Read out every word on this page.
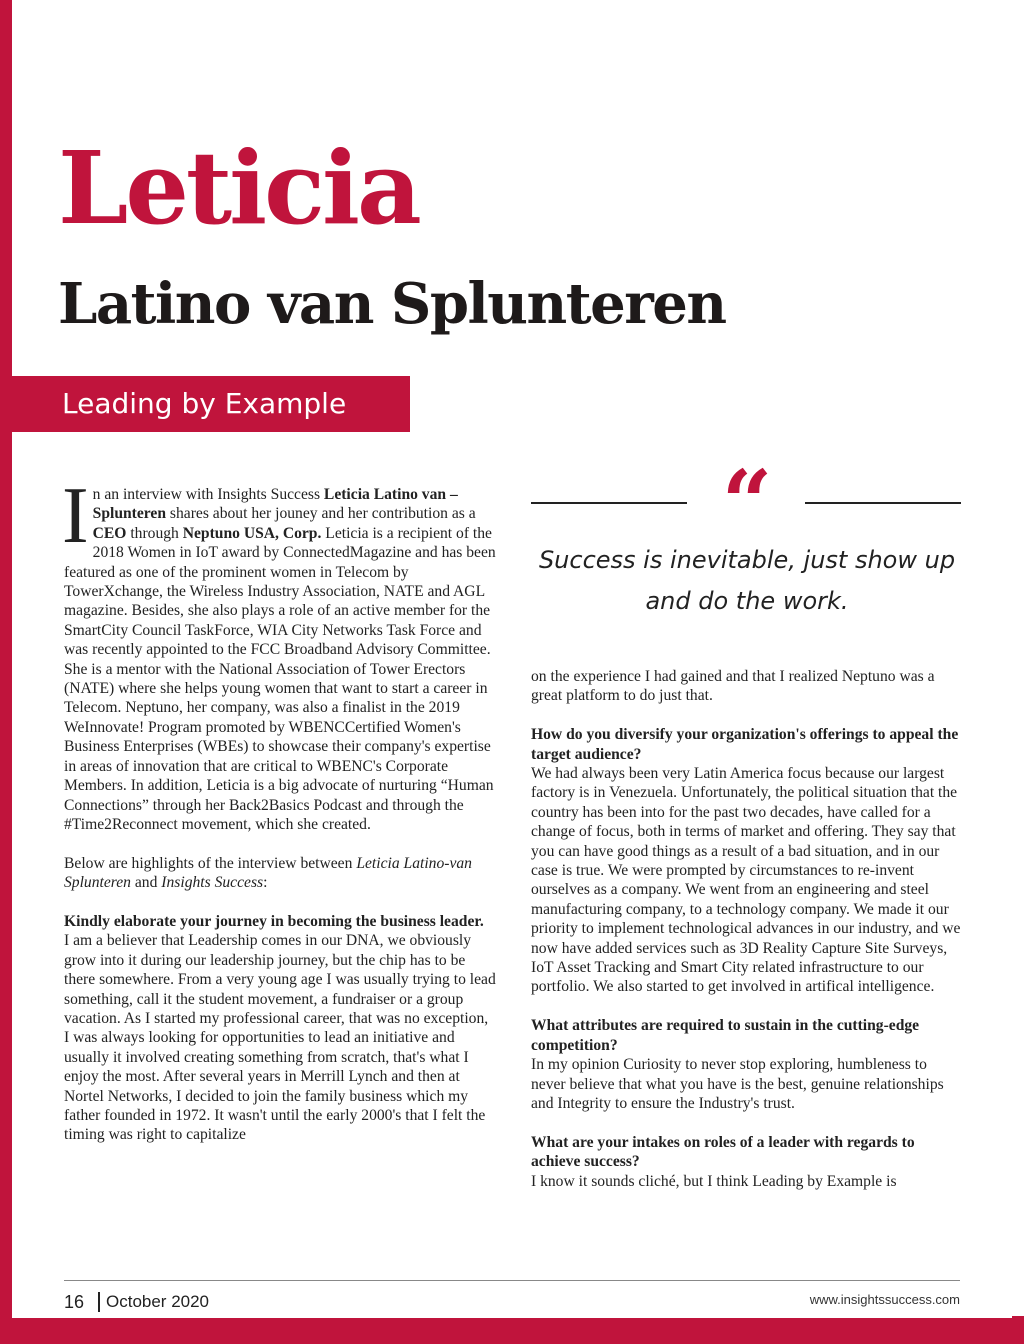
Leticia
Latino van Splunteren
Leading by Example

In an interview with Insights Success Leticia Latino van – Splunteren shares about her jouney and her contribution as a CEO through Neptuno USA, Corp. Leticia is a recipient of the 2018 Women in IoT award by ConnectedMagazine and has been featured as one of the prominent women in Telecom by TowerXchange, the Wireless Industry Association, NATE and AGL magazine. Besides, she also plays a role of an active member for the SmartCity Council TaskForce, WIA City Networks Task Force and was recently appointed to the FCC Broadband Advisory Committee. She is a mentor with the National Association of Tower Erectors (NATE) where she helps young women that want to start a career in Telecom. Neptuno, her company, was also a finalist in the 2019 WeInnovate! Program promoted by WBENCCertified Women's Business Enterprises (WBEs) to showcase their company's expertise in areas of innovation that are critical to WBENC's Corporate Members. In addition, Leticia is a big advocate of nurturing “Human Connections” through her Back2Basics Podcast and through the #Time2Reconnect movement, which she created.

Below are highlights of the interview between Leticia Latino-van Splunteren and Insights Success:

Kindly elaborate your journey in becoming the business leader.

I am a believer that Leadership comes in our DNA, we obviously grow into it during our leadership journey, but the chip has to be there somewhere. From a very young age I was usually trying to lead something, call it the student movement, a fundraiser or a group vacation. As I started my professional career, that was no exception, I was always looking for opportunities to lead an initiative and usually it involved creating something from scratch, that's what I enjoy the most. After several years in Merrill Lynch and then at Nortel Networks, I decided to join the family business which my father founded in 1972. It wasn't until the early 2000's that I felt the timing was right to capitalize

“
Success is inevitable, just show up and do the work.

on the experience I had gained and that I realized Neptuno was a great platform to do just that.

How do you diversify your organization's offerings to appeal the target audience?

We had always been very Latin America focus because our largest factory is in Venezuela. Unfortunately, the political situation that the country has been into for the past two decades, have called for a change of focus, both in terms of market and offering. They say that you can have good things as a result of a bad situation, and in our case is true. We were prompted by circumstances to re-invent ourselves as a company. We went from an engineering and steel manufacturing company, to a technology company. We made it our priority to implement technological advances in our industry, and we now have added services such as 3D Reality Capture Site Surveys, IoT Asset Tracking and Smart City related infrastructure to our portfolio. We also started to get involved in artifical intelligence.

What attributes are required to sustain in the cutting-edge competition?

In my opinion Curiosity to never stop exploring, humbleness to never believe that what you have is the best, genuine relationships and Integrity to ensure the Industry's trust.

What are your intakes on roles of a leader with regards to achieve success?

I know it sounds cliché, but I think Leading by Example is

16 October 2020	www.insightssuccess.com
